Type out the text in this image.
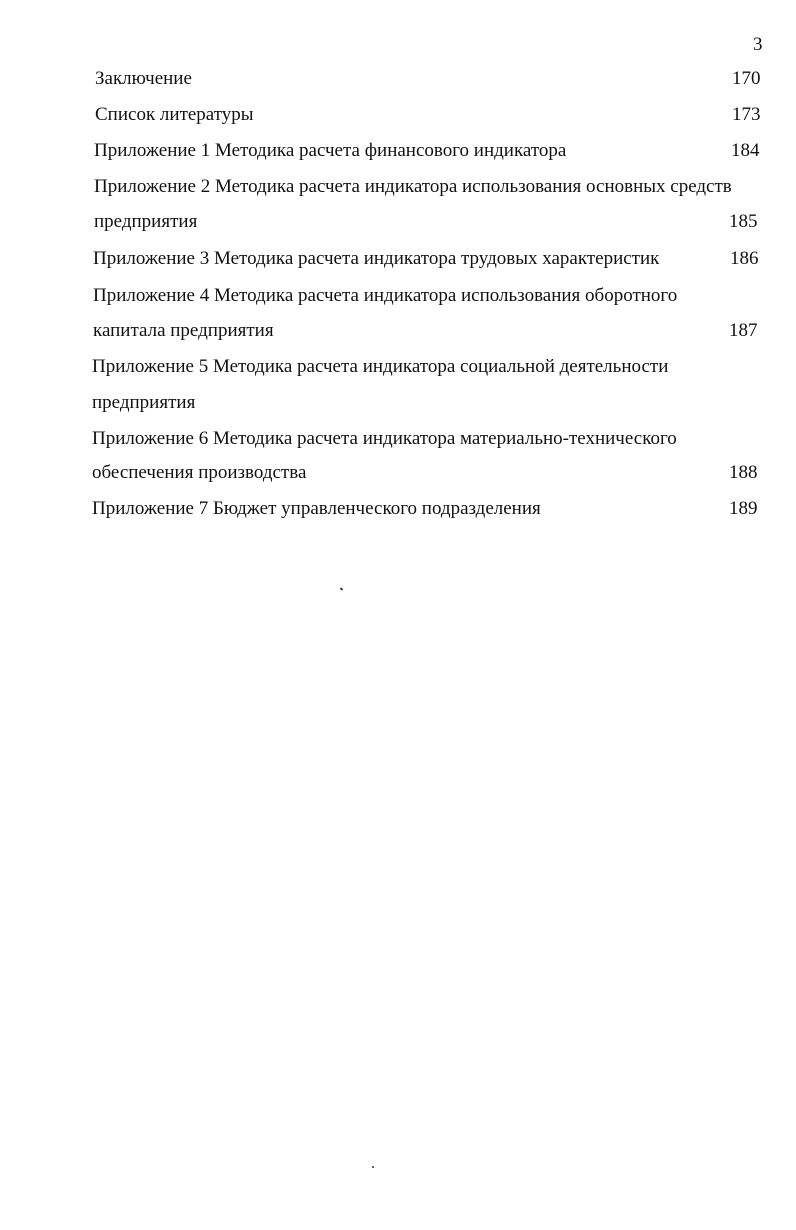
3
Заключение	170
Список литературы	173
Приложение 1 Методика расчета финансового индикатора	184
Приложение 2 Методика расчета индикатора использования основных средств
предприятия	185
Приложение 3 Методика расчета индикатора трудовых характеристик	186
Приложение 4 Методика расчета индикатора использования оборотного
капитала предприятия	187
Приложение 5 Методика расчета индикатора социальной деятельности
предприятия
Приложение 6 Методика расчета индикатора материально-технического
обеспечения производства	188
Приложение 7 Бюджет управленческого подразделения	189
